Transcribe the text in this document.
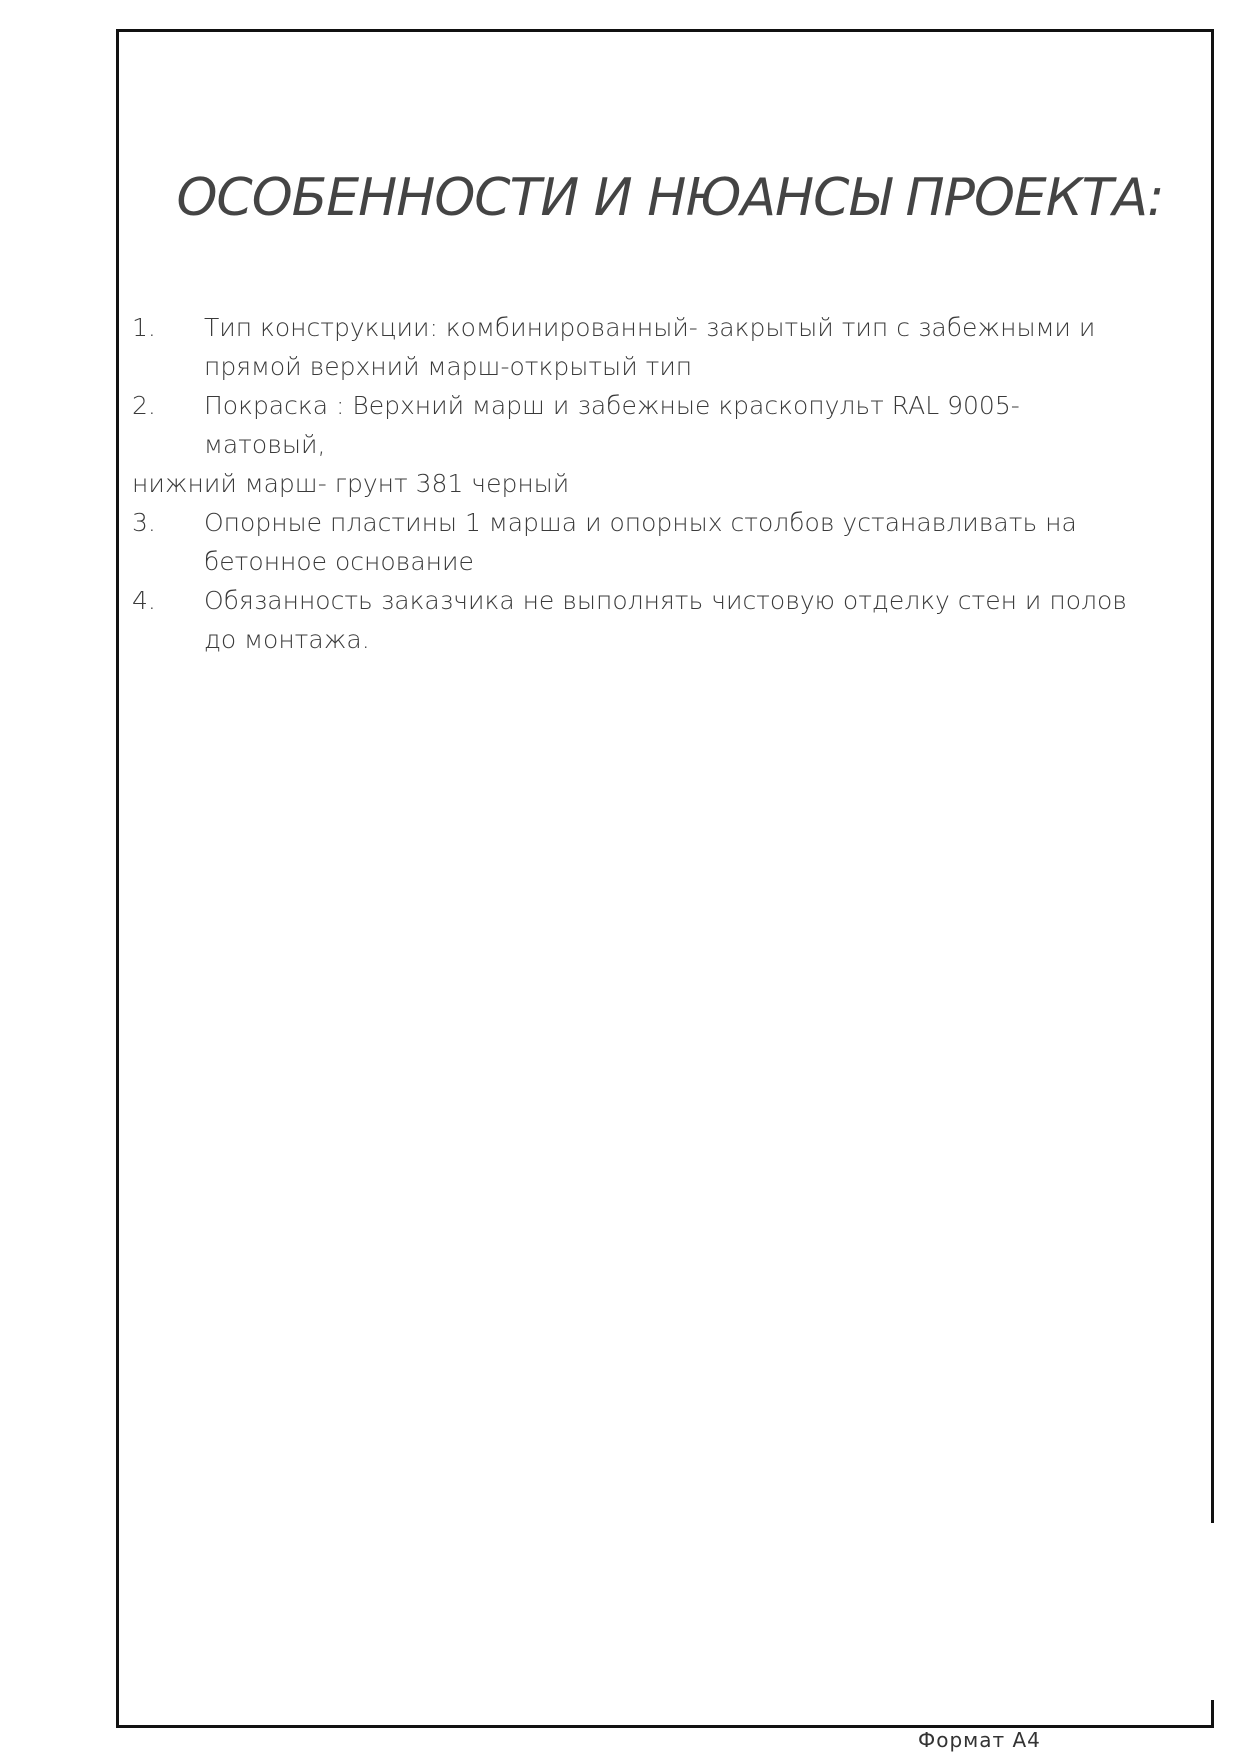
ОСОБЕННОСТИ И НЮАНСЫ ПРОЕКТА:
1. Тип конструкции: комбинированный- закрытый тип с забежными и прямой верхний марш-открытый тип
2. Покраска : Верхний марш и забежные краскопульт RAL 9005-матовый,
нижний марш- грунт 381 черный
3. Опорные пластины 1 марша и опорных столбов устанавливать на бетонное основание
4. Обязанность заказчика не выполнять чистовую отделку стен и полов до монтажа.
Формат А4
